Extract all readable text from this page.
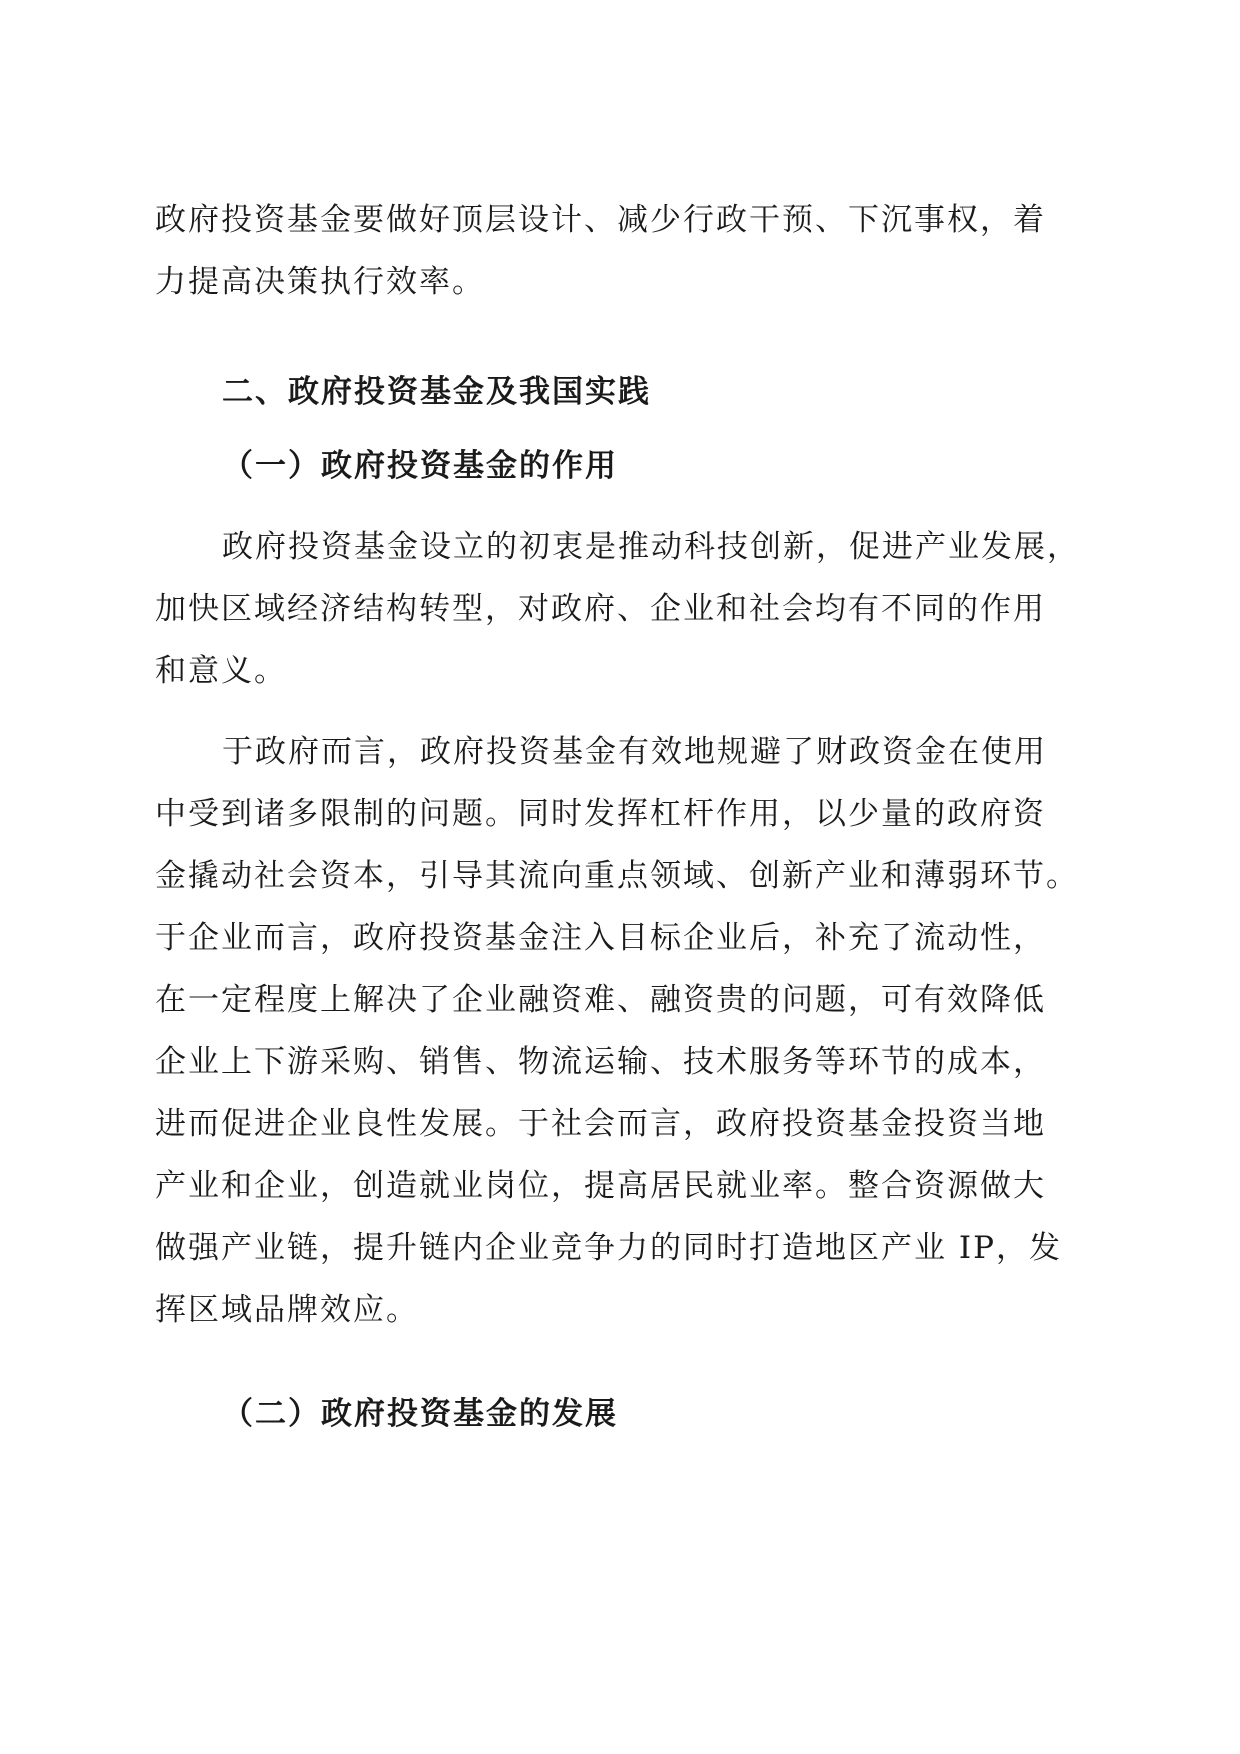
政府投资基金要做好顶层设计、减少行政干预、下沉事权，着
力提高决策执行效率。
二、政府投资基金及我国实践
（一）政府投资基金的作用
政府投资基金设立的初衷是推动科技创新，促进产业发展，
加快区域经济结构转型，对政府、企业和社会均有不同的作用
和意义。
于政府而言，政府投资基金有效地规避了财政资金在使用
中受到诸多限制的问题。同时发挥杠杆作用，以少量的政府资
金撬动社会资本，引导其流向重点领域、创新产业和薄弱环节。
于企业而言，政府投资基金注入目标企业后，补充了流动性，
在一定程度上解决了企业融资难、融资贵的问题，可有效降低
企业上下游采购、销售、物流运输、技术服务等环节的成本，
进而促进企业良性发展。于社会而言，政府投资基金投资当地
产业和企业，创造就业岗位，提高居民就业率。整合资源做大
做强产业链，提升链内企业竞争力的同时打造地区产业 IP，发
挥区域品牌效应。
（二）政府投资基金的发展
